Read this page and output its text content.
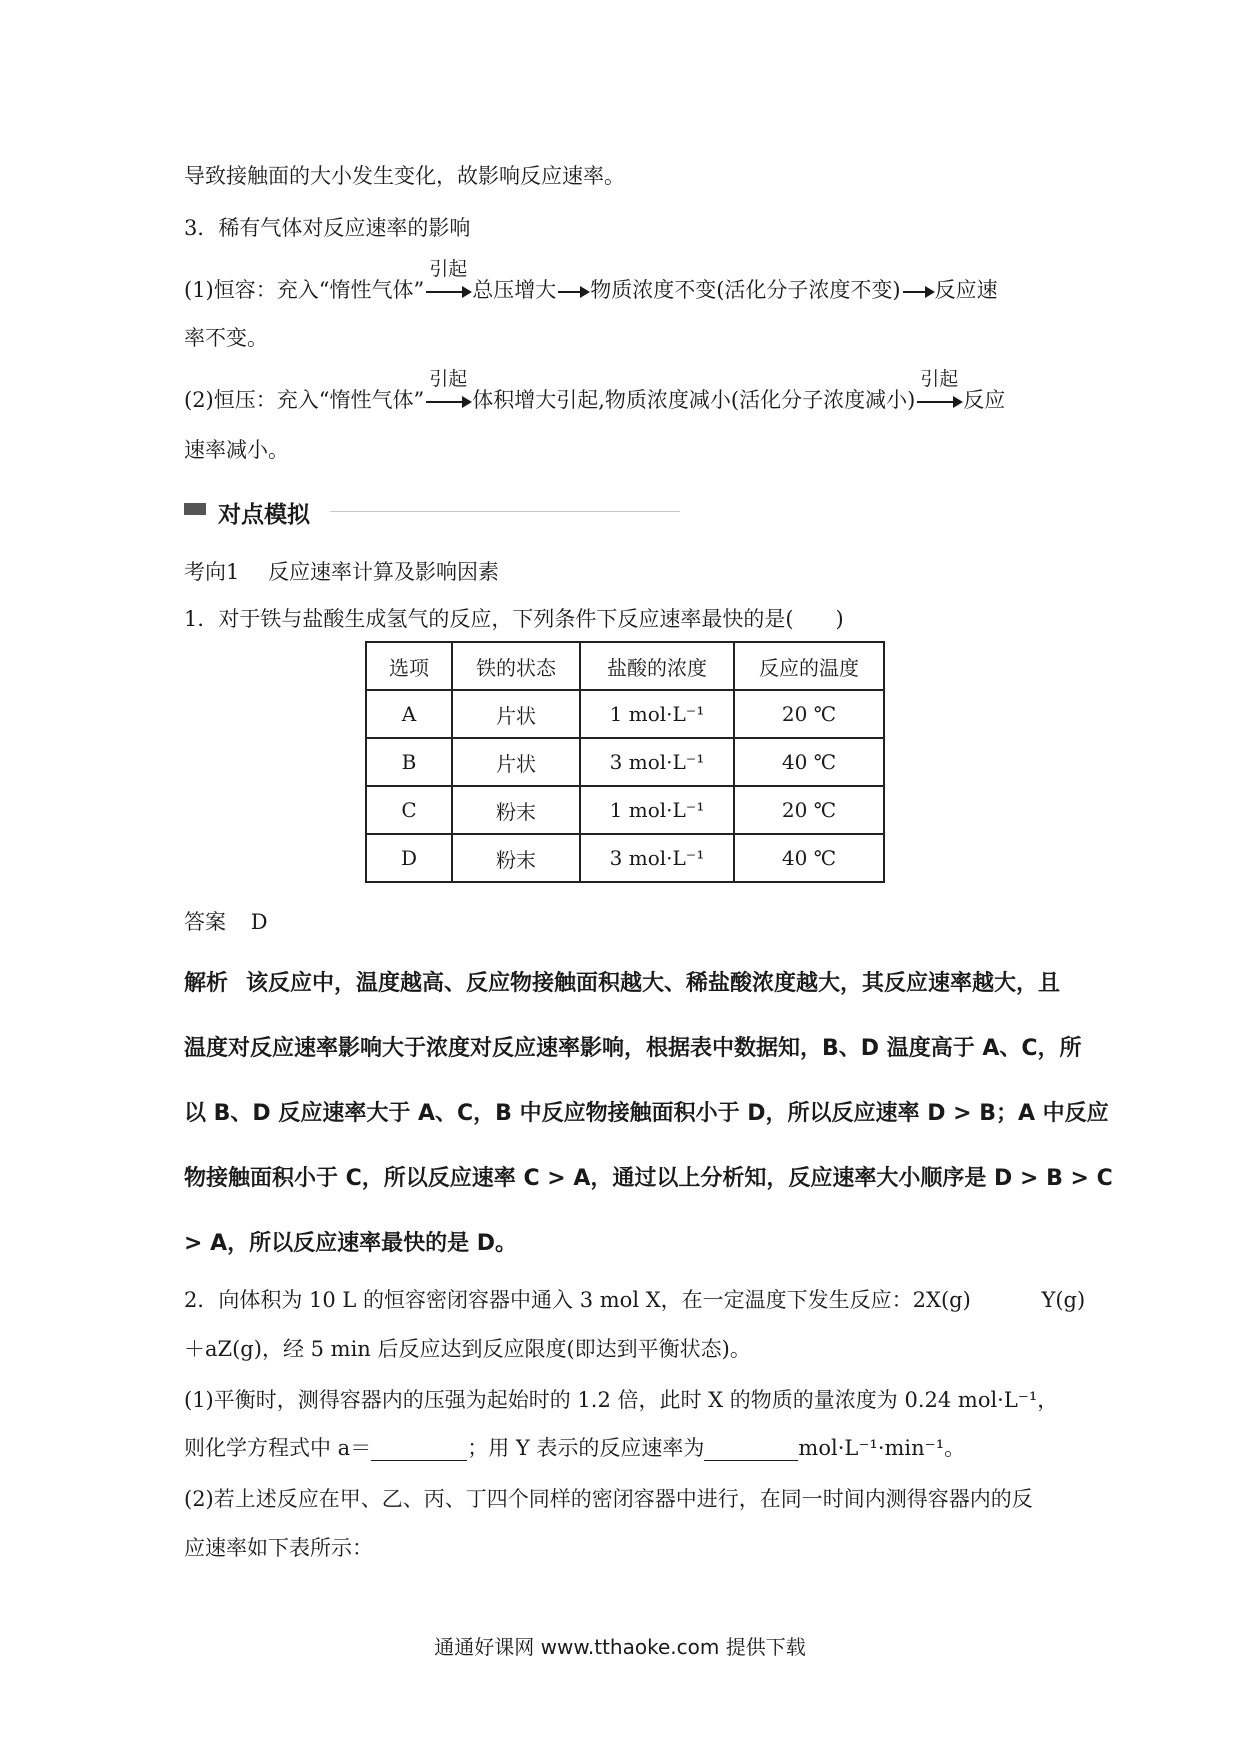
导致接触面的大小发生变化，故影响反应速率。
3．稀有气体对反应速率的影响
(1)恒容：充入“惰性气体”
引起
总压增大 物质浓度不变(活化分子浓度不变) 反应速
率不变。
(2)恒压：充入“惰性气体”
引起
体积增大引起,物质浓度减小(活化分子浓度减小)
引起
反应
速率减小。
对点模拟
考向1 反应速率计算及影响因素
1．对于铁与盐酸生成氢气的反应，下列条件下反应速率最快的是(　　)
选项	铁的状态	盐酸的浓度	反应的温度
A	片状	1 mol·L⁻¹	20 ℃
B	片状	3 mol·L⁻¹	40 ℃
C	粉末	1 mol·L⁻¹	20 ℃
D	粉末	3 mol·L⁻¹	40 ℃
答案 D
解析 该反应中，温度越高、反应物接触面积越大、稀盐酸浓度越大，其反应速率越大，且
温度对反应速率影响大于浓度对反应速率影响，根据表中数据知，B、D 温度高于 A、C，所
以 B、D 反应速率大于 A、C，B 中反应物接触面积小于 D，所以反应速率 D > B；A 中反应
物接触面积小于 C，所以反应速率 C > A，通过以上分析知，反应速率大小顺序是 D > B > C
> A，所以反应速率最快的是 D。
2．向体积为 10 L 的恒容密闭容器中通入 3 mol X，在一定温度下发生反应：2X(g)	Y(g)
＋aZ(g)，经 5 min 后反应达到反应限度(即达到平衡状态)。
(1)平衡时，测得容器内的压强为起始时的 1.2 倍，此时 X 的物质的量浓度为 0.24 mol·L⁻¹，
则化学方程式中 a＝	；用 Y 表示的反应速率为	mol·L⁻¹·min⁻¹。
(2)若上述反应在甲、乙、丙、丁四个同样的密闭容器中进行，在同一时间内测得容器内的反
应速率如下表所示：
通通好课网 www.tthaoke.com 提供下载
